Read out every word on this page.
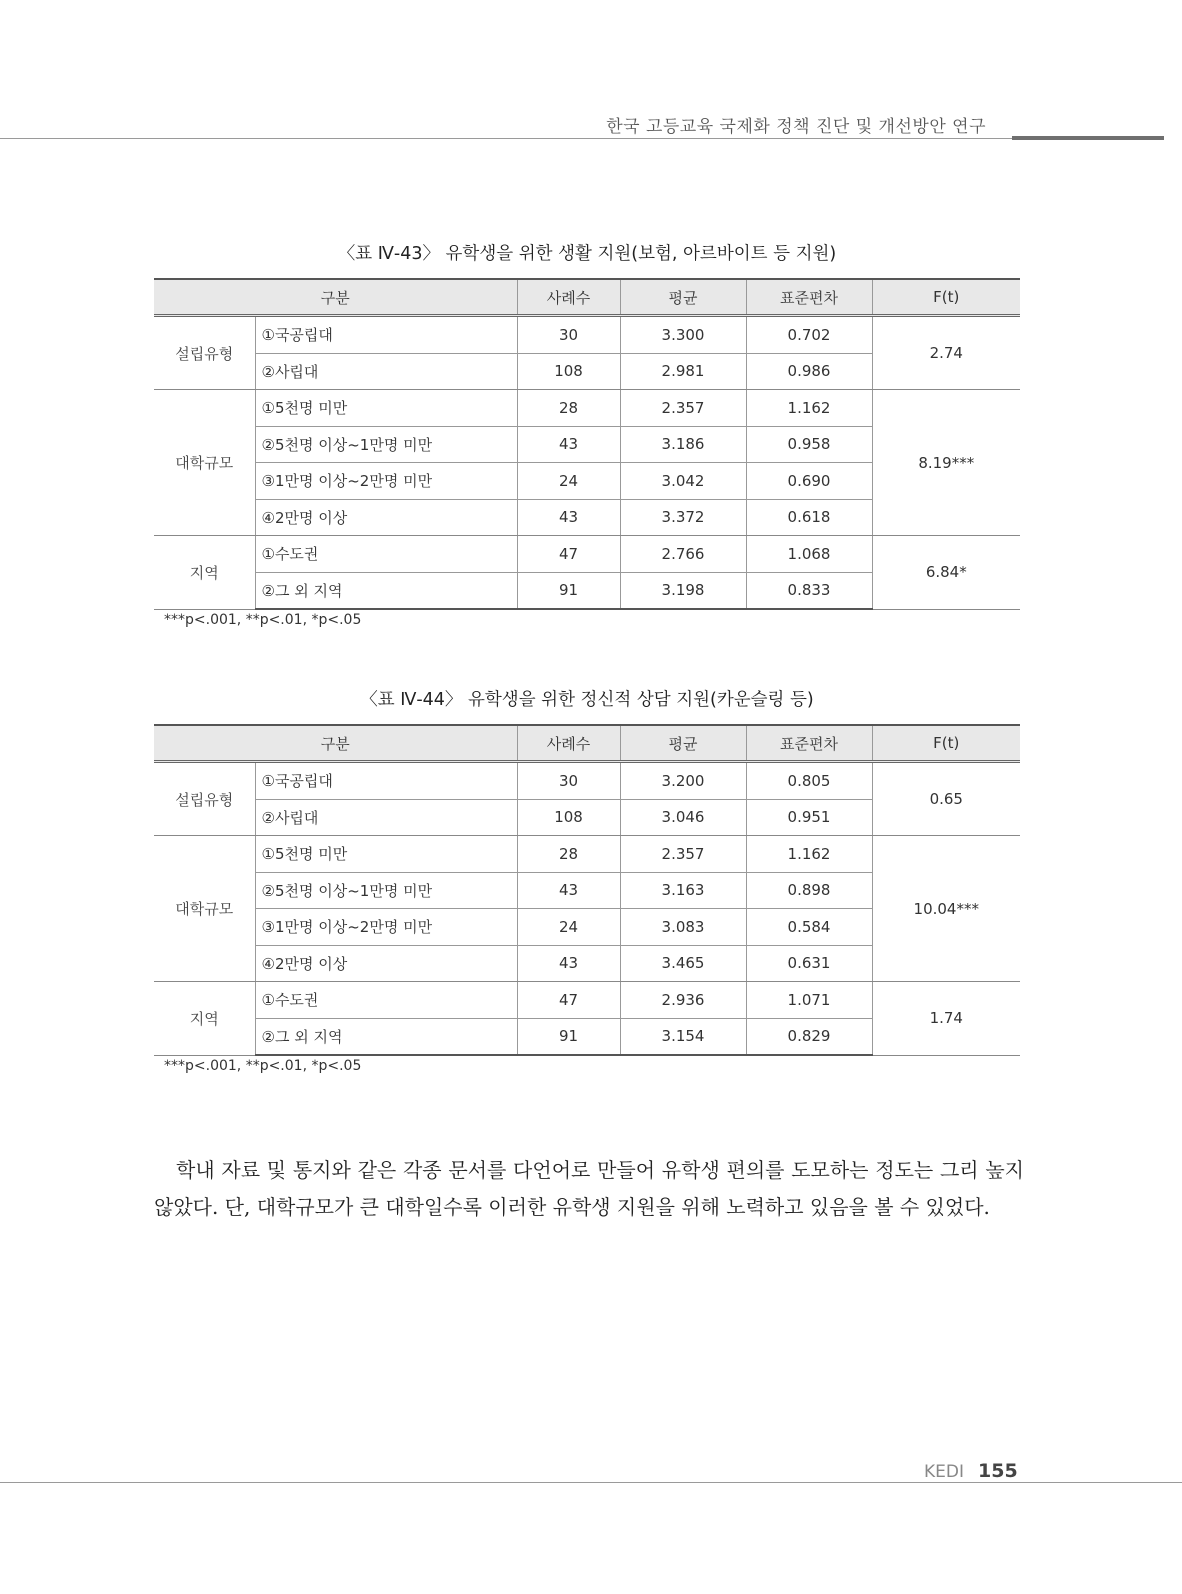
한국 고등교육 국제화 정책 진단 및 개선방안 연구
〈표 Ⅳ-43〉 유학생을 위한 생활 지원(보험, 아르바이트 등 지원)
구분		사례수	평균	표준편차	F(t)
설립유형	①국공립대	30	3.300	0.702	2.74
	②사립대	108	2.981	0.986	
대학규모	①5천명 미만	28	2.357	1.162	8.19***
	②5천명 이상~1만명 미만	43	3.186	0.958	
	③1만명 이상~2만명 미만	24	3.042	0.690	
	④2만명 이상	43	3.372	0.618	
지역	①수도권	47	2.766	1.068	6.84*
	②그 외 지역	91	3.198	0.833	
***p<.001, **p<.01, *p<.05
〈표 Ⅳ-44〉 유학생을 위한 정신적 상담 지원(카운슬링 등)
구분		사례수	평균	표준편차	F(t)
설립유형	①국공립대	30	3.200	0.805	0.65
	②사립대	108	3.046	0.951	
대학규모	①5천명 미만	28	2.357	1.162	10.04***
	②5천명 이상~1만명 미만	43	3.163	0.898	
	③1만명 이상~2만명 미만	24	3.083	0.584	
	④2만명 이상	43	3.465	0.631	
지역	①수도권	47	2.936	1.071	1.74
	②그 외 지역	91	3.154	0.829	
***p<.001, **p<.01, *p<.05
학내 자료 및 통지와 같은 각종 문서를 다언어로 만들어 유학생 편의를 도모하는 정도는 그리 높지 않았다. 단, 대학규모가 큰 대학일수록 이러한 유학생 지원을 위해 노력하고 있음을 볼 수 있었다.
KEDI 155
